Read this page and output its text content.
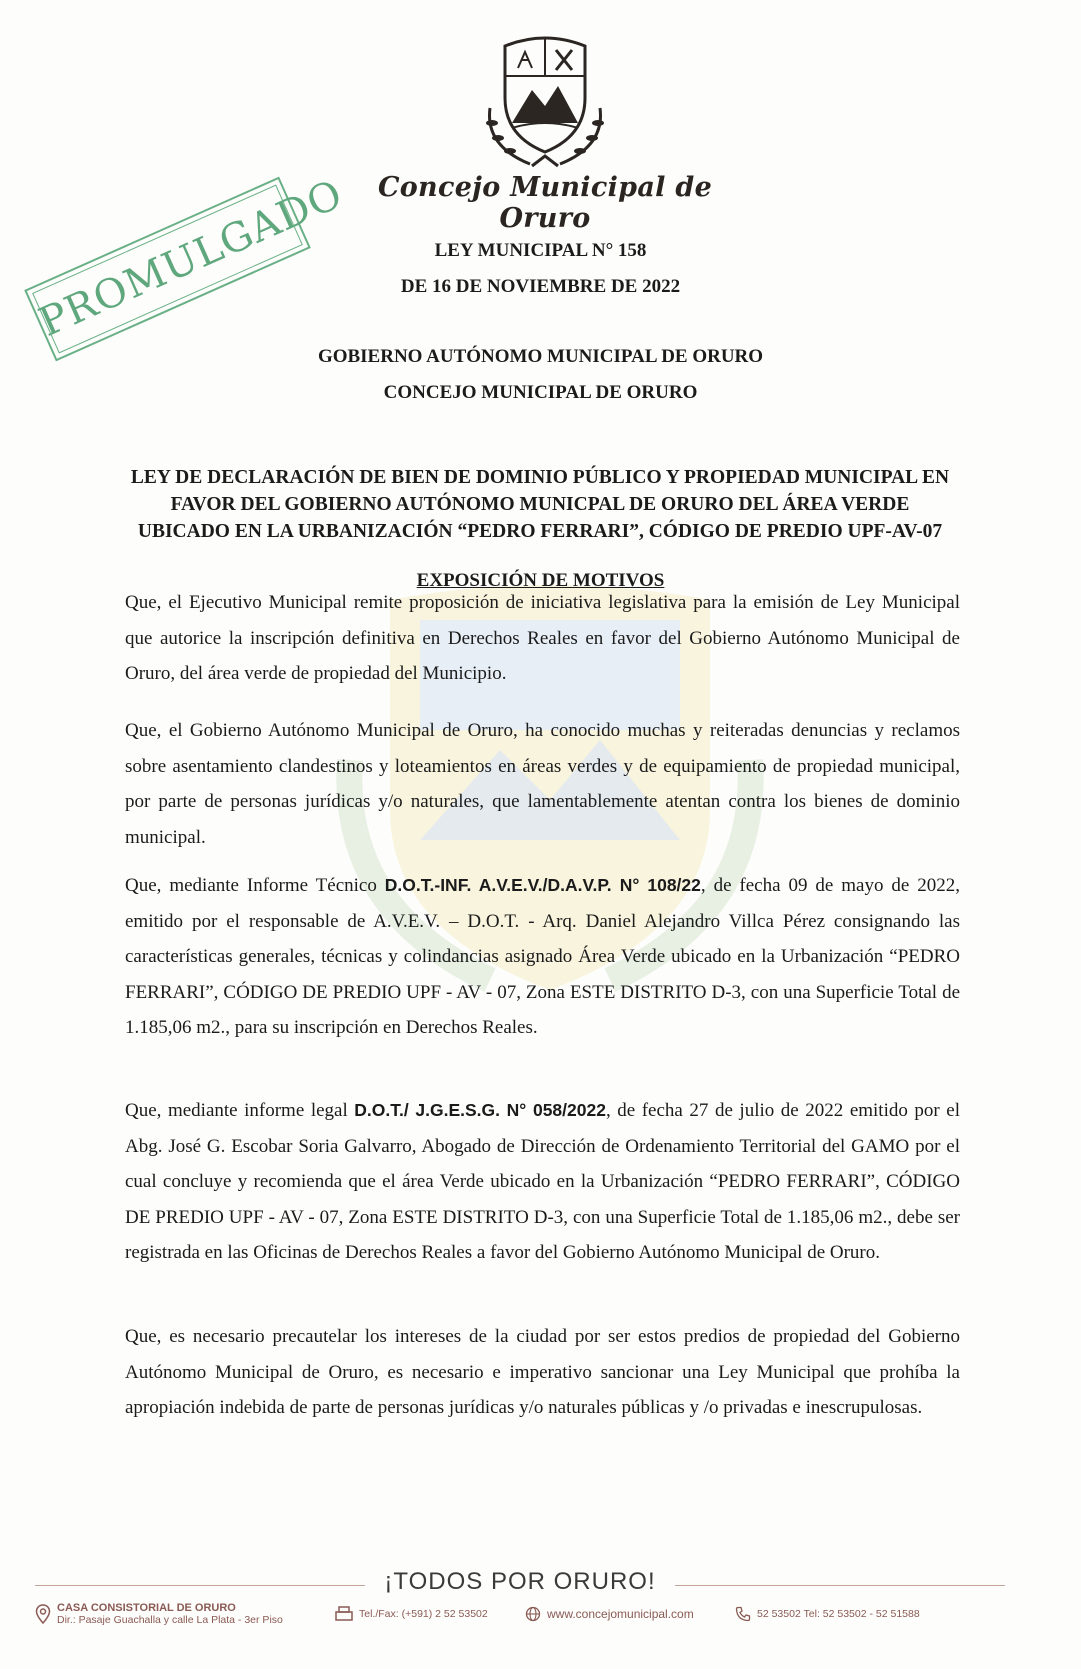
Concejo Municipal de Oruro
PROMULGADO	LEY MUNICIPAL N° 158
DE 16 DE NOVIEMBRE DE 2022
GOBIERNO AUTÓNOMO MUNICIPAL DE ORURO
CONCEJO MUNICIPAL DE ORURO
LEY DE DECLARACIÓN DE BIEN DE DOMINIO PÚBLICO Y PROPIEDAD MUNICIPAL EN
FAVOR DEL GOBIERNO AUTÓNOMO MUNICPAL DE ORURO DEL ÁREA VERDE
UBICADO EN LA URBANIZACIÓN “PEDRO FERRARI”, CÓDIGO DE PREDIO UPF-AV-07
EXPOSICIÓN DE MOTIVOS

Que, el Ejecutivo Municipal remite proposición de iniciativa legislativa para la emisión de Ley Municipal que autorice la inscripción definitiva en Derechos Reales en favor del Gobierno Autónomo Municipal de Oruro, del área verde de propiedad del Municipio.

Que, el Gobierno Autónomo Municipal de Oruro, ha conocido muchas y reiteradas denuncias y reclamos sobre asentamiento clandestinos y loteamientos en áreas verdes y de equipamiento de propiedad municipal, por parte de personas jurídicas y/o naturales, que lamentablemente atentan contra los bienes de dominio municipal.

Que, mediante Informe Técnico D.O.T.-INF. A.V.E.V./D.A.V.P. N° 108/22, de fecha 09 de mayo de 2022, emitido por el responsable de A.V.E.V. – D.O.T. - Arq. Daniel Alejandro Villca Pérez consignando las características generales, técnicas y colindancias asignado Área Verde ubicado en la Urbanización “PEDRO FERRARI”, CÓDIGO DE PREDIO UPF - AV - 07, Zona ESTE DISTRITO D-3, con una Superficie Total de 1.185,06 m2., para su inscripción en Derechos Reales.

Que, mediante informe legal D.O.T./ J.G.E.S.G. N° 058/2022, de fecha 27 de julio de 2022 emitido por el Abg. José G. Escobar Soria Galvarro, Abogado de Dirección de Ordenamiento Territorial del GAMO por el cual concluye y recomienda que el área Verde ubicado en la Urbanización “PEDRO FERRARI”, CÓDIGO DE PREDIO UPF - AV - 07, Zona ESTE DISTRITO D-3, con una Superficie Total de 1.185,06 m2., debe ser registrada en las Oficinas de Derechos Reales a favor del Gobierno Autónomo Municipal de Oruro.

Que, es necesario precautelar los intereses de la ciudad por ser estos predios de propiedad del Gobierno Autónomo Municipal de Oruro, es necesario e imperativo sancionar una Ley Municipal que prohíba la apropiación indebida de parte de personas jurídicas y/o naturales públicas y /o privadas e inescrupulosas.

¡TODOS POR ORURO!
CASA CONSISTORIAL DE ORURO
Dir.: Pasaje Guachalla y calle La Plata - 3er Piso	Tel./Fax: (+591) 2 52 53502	www.concejomunicipal.com	52 53502 Tel: 52 53502 - 52 51588
